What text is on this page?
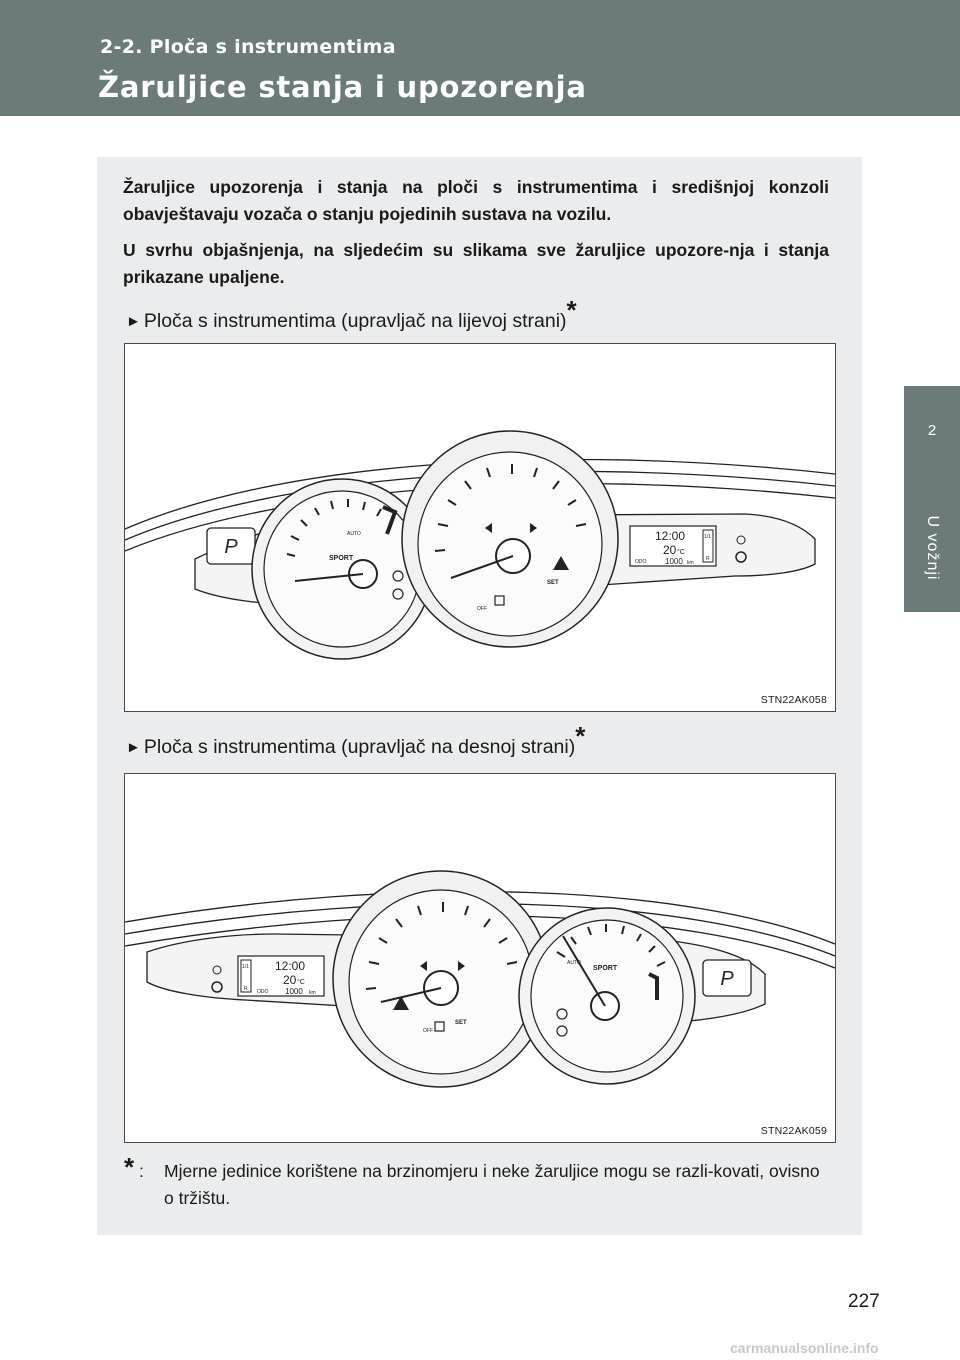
2-2. Ploča s instrumentima
Žaruljice stanja i upozorenja
2
U vožnji

Žaruljice upozorenja i stanja na ploči s instrumentima i središnjoj konzoli obavještavaju vozača o stanju pojedinih sustava na vozilu.

U svrhu objašnjenja, na sljedećim su slikama sve žaruljice upozore-nja i stanja prikazane upaljene.

► Ploča s instrumentima (upravljač na lijevoj strani)*
P
SPORT
AUTO
SET
OFF
12:00
20 °C
ODO 1000 km
1/1
R
STN22AK058
► Ploča s instrumentima (upravljač na desnoj strani)*
P
12:00
20 °C
ODO 1000 km
1/1
R
SET
OFF
SPORT
AUTO
STN22AK059
* : Mjerne jedinice korištene na brzinomjeru i neke žaruljice mogu se razli-kovati, ovisno o tržištu.
227
carmanualsonline.info
